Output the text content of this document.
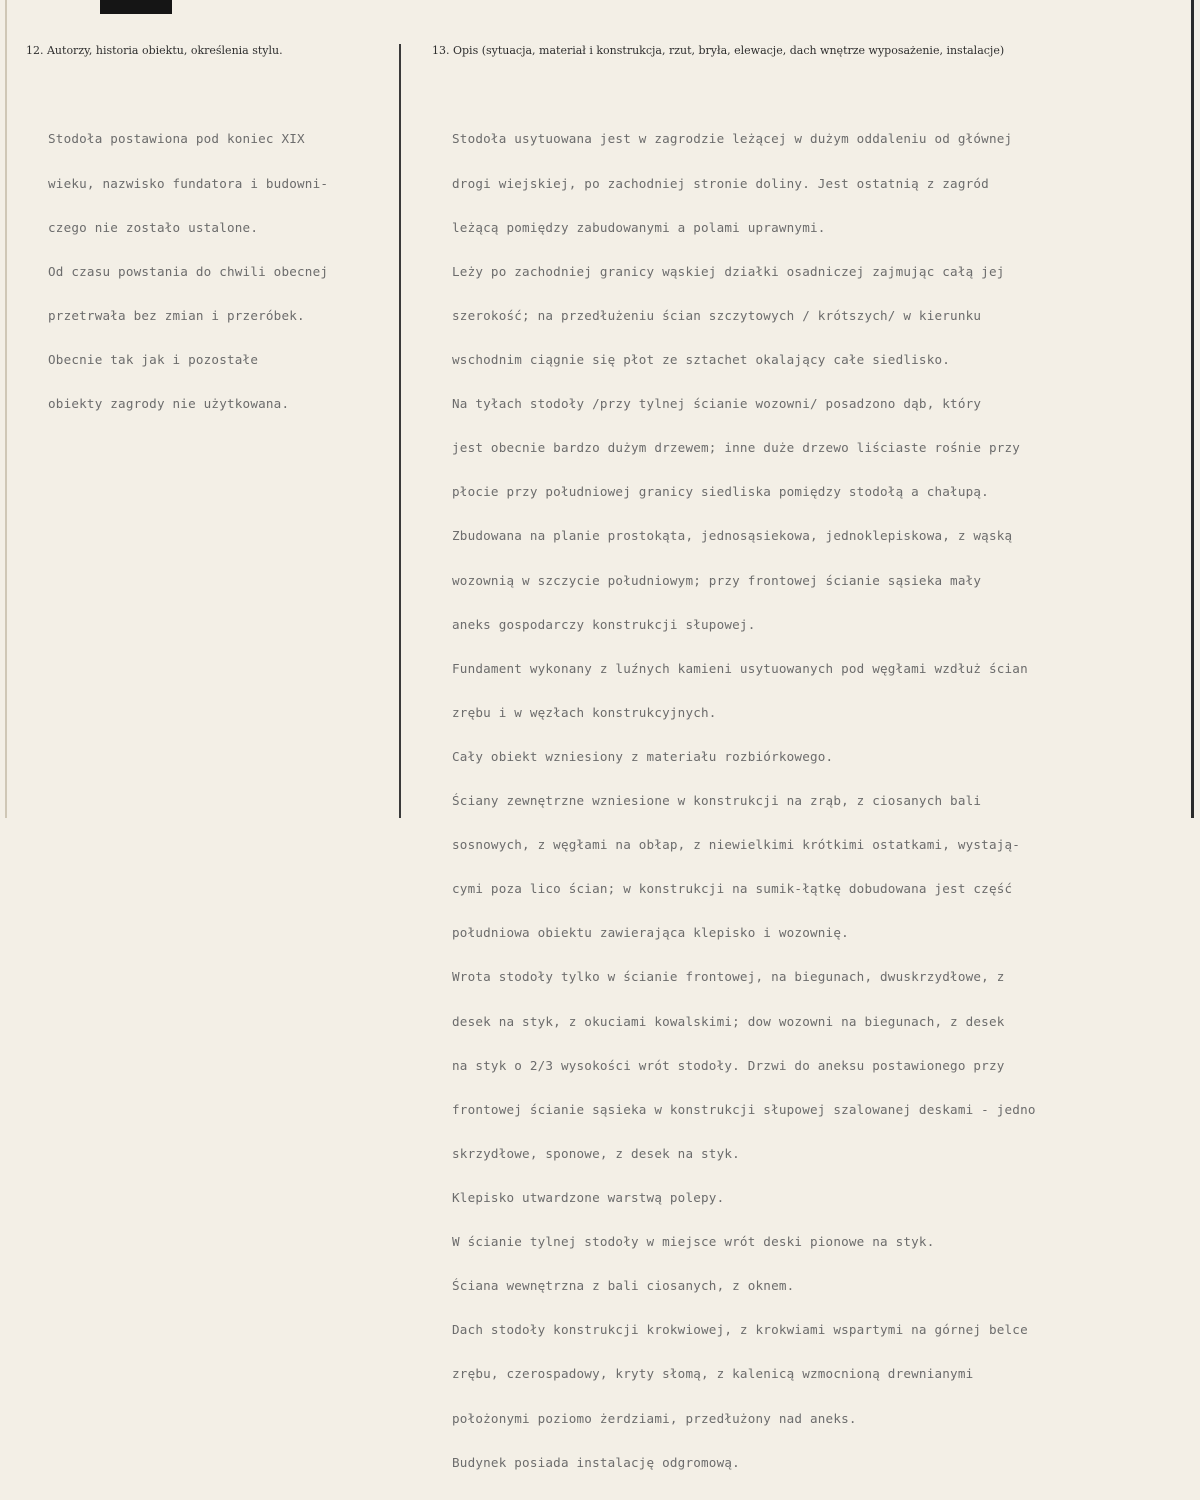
12. Autorzy, historia obiektu, określenia stylu.	13. Opis (sytuacja, materiał i konstrukcja, rzut, bryła, elewacje, dach wnętrze wyposażenie, instalacje)

Stodoła postawiona pod koniec XIX

wieku, nazwisko fundatora i budowni-

czego nie zostało ustalone.

Od czasu powstania do chwili obecnej

przetrwała bez zmian i przeróbek.

Obecnie tak jak i pozostałe

obiekty zagrody nie użytkowana.

Stodoła usytuowana jest w zagrodzie leżącej w dużym oddaleniu od głównej

drogi wiejskiej, po zachodniej stronie doliny. Jest ostatnią z zagród

leżącą pomiędzy zabudowanymi a polami uprawnymi.

Leży po zachodniej granicy wąskiej działki osadniczej zajmując całą jej

szerokość; na przedłużeniu ścian szczytowych / krótszych/ w kierunku

wschodnim ciągnie się płot ze sztachet okalający całe siedlisko.

Na tyłach stodoły /przy tylnej ścianie wozowni/ posadzono dąb, który

jest obecnie bardzo dużym drzewem; inne duże drzewo liściaste rośnie przy

płocie przy południowej granicy siedliska pomiędzy stodołą a chałupą.

Zbudowana na planie prostokąta, jednosąsiekowa, jednoklepiskowa, z wąską

wozownią w szczycie południowym; przy frontowej ścianie sąsieka mały

aneks gospodarczy konstrukcji słupowej.

Fundament wykonany z luźnych kamieni usytuowanych pod węgłami wzdłuż ścian

zrębu i w węzłach konstrukcyjnych.

Cały obiekt wzniesiony z materiału rozbiórkowego.

Ściany zewnętrzne wzniesione w konstrukcji na zrąb, z ciosanych bali

sosnowych, z węgłami na obłap, z niewielkimi krótkimi ostatkami, wystają-

cymi poza lico ścian; w konstrukcji na sumik-łątkę dobudowana jest część

południowa obiektu zawierająca klepisko i wozownię.

Wrota stodoły tylko w ścianie frontowej, na biegunach, dwuskrzydłowe, z

desek na styk, z okuciami kowalskimi; dow wozowni na biegunach, z desek

na styk o 2/3 wysokości wrót stodoły. Drzwi do aneksu postawionego przy

frontowej ścianie sąsieka w konstrukcji słupowej szalowanej deskami - jedno

skrzydłowe, sponowe, z desek na styk.

Klepisko utwardzone warstwą polepy.

W ścianie tylnej stodoły w miejsce wrót deski pionowe na styk.

Ściana wewnętrzna z bali ciosanych, z oknem.

Dach stodoły konstrukcji krokwiowej, z krokwiami wspartymi na górnej belce

zrębu, czerospadowy, kryty słomą, z kalenicą wzmocnioną drewnianymi

położonymi poziomo żerdziami, przedłużony nad aneks.

Budynek posiada instalację odgromową.
